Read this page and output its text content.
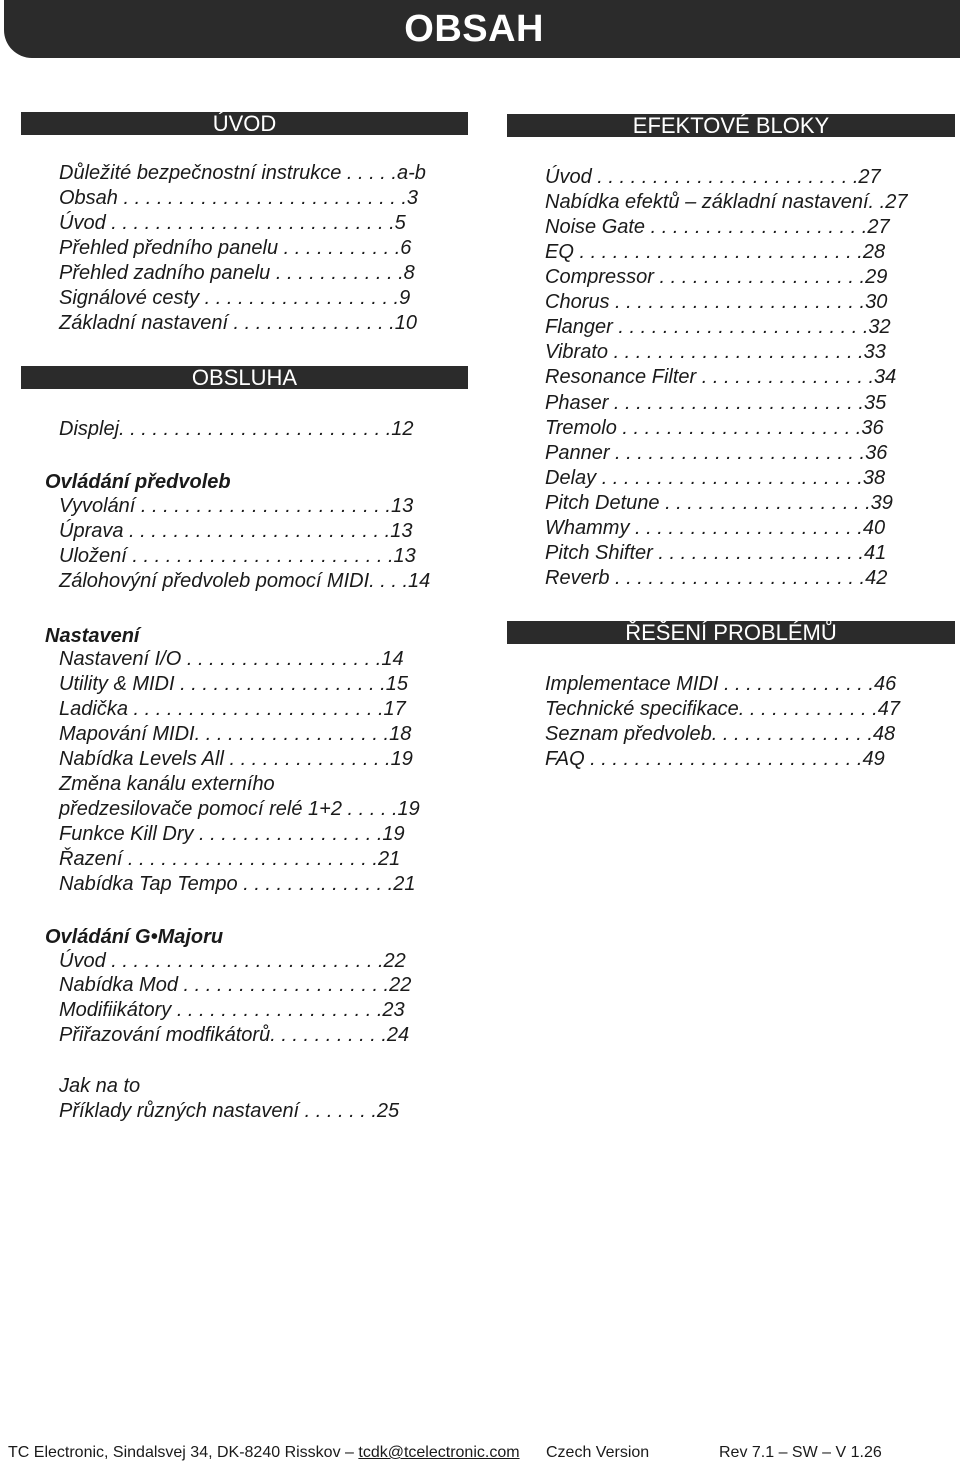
OBSAH
ÚVOD
Důležité bezpečnostní instrukce . . . . .a-b
Obsah . . . . . . . . . . . . . . . . . . . . . . . . . .3
Úvod . . . . . . . . . . . . . . . . . . . . . . . . . .5
Přehled předního panelu . . . . . . . . . . .6
Přehled zadního panelu . . . . . . . . . . . .8
Signálové cesty . . . . . . . . . . . . . . . . . .9
Základní nastavení . . . . . . . . . . . . . . .10
OBSLUHA
Displej. . . . . . . . . . . . . . . . . . . . . . . . .12
Ovládání předvoleb
Vyvolání . . . . . . . . . . . . . . . . . . . . . . .13
Úprava . . . . . . . . . . . . . . . . . . . . . . . .13
Uložení . . . . . . . . . . . . . . . . . . . . . . . .13
Zálohovýní předvoleb pomocí MIDI. . . .14
Nastavení
Nastavení I/O . . . . . . . . . . . . . . . . . .14
Utility & MIDI . . . . . . . . . . . . . . . . . . .15
Ladička . . . . . . . . . . . . . . . . . . . . . . .17
Mapování MIDI. . . . . . . . . . . . . . . . . .18
Nabídka Levels All . . . . . . . . . . . . . . .19
Změna kanálu externího
předzesilovače pomocí relé 1+2 . . . . .19
Funkce Kill Dry . . . . . . . . . . . . . . . . .19
Řazení . . . . . . . . . . . . . . . . . . . . . . .21
Nabídka Tap Tempo . . . . . . . . . . . . . .21
Ovládání G•Majoru
Úvod . . . . . . . . . . . . . . . . . . . . . . . . .22
Nabídka Mod . . . . . . . . . . . . . . . . . . .22
Modifiikátory . . . . . . . . . . . . . . . . . . .23
Přiřazování modfikátorů. . . . . . . . . . .24
Jak na to
Příklady různých nastavení . . . . . . .25
EFEKTOVÉ BLOKY
Úvod . . . . . . . . . . . . . . . . . . . . . . . .27
Nabídka efektů – základní nastavení. .27
Noise Gate . . . . . . . . . . . . . . . . . . . .27
EQ . . . . . . . . . . . . . . . . . . . . . . . . . .28
Compressor . . . . . . . . . . . . . . . . . . .29
Chorus . . . . . . . . . . . . . . . . . . . . . . .30
Flanger . . . . . . . . . . . . . . . . . . . . . . .32
Vibrato . . . . . . . . . . . . . . . . . . . . . . .33
Resonance Filter . . . . . . . . . . . . . . . .34
Phaser . . . . . . . . . . . . . . . . . . . . . . .35
Tremolo . . . . . . . . . . . . . . . . . . . . . .36
Panner . . . . . . . . . . . . . . . . . . . . . . .36
Delay . . . . . . . . . . . . . . . . . . . . . . . .38
Pitch Detune . . . . . . . . . . . . . . . . . . .39
Whammy . . . . . . . . . . . . . . . . . . . . .40
Pitch Shifter . . . . . . . . . . . . . . . . . . .41
Reverb . . . . . . . . . . . . . . . . . . . . . . .42
ŘEŠENÍ PROBLÉMŮ
Implementace MIDI . . . . . . . . . . . . . .46
Technické specifikace. . . . . . . . . . . . .47
Seznam předvoleb. . . . . . . . . . . . . . .48
FAQ . . . . . . . . . . . . . . . . . . . . . . . . .49
TC Electronic, Sindalsvej 34, DK-8240 Risskov – tcdk@tcelectronic.com Czech Version	Rev 7.1 – SW – V 1.26
